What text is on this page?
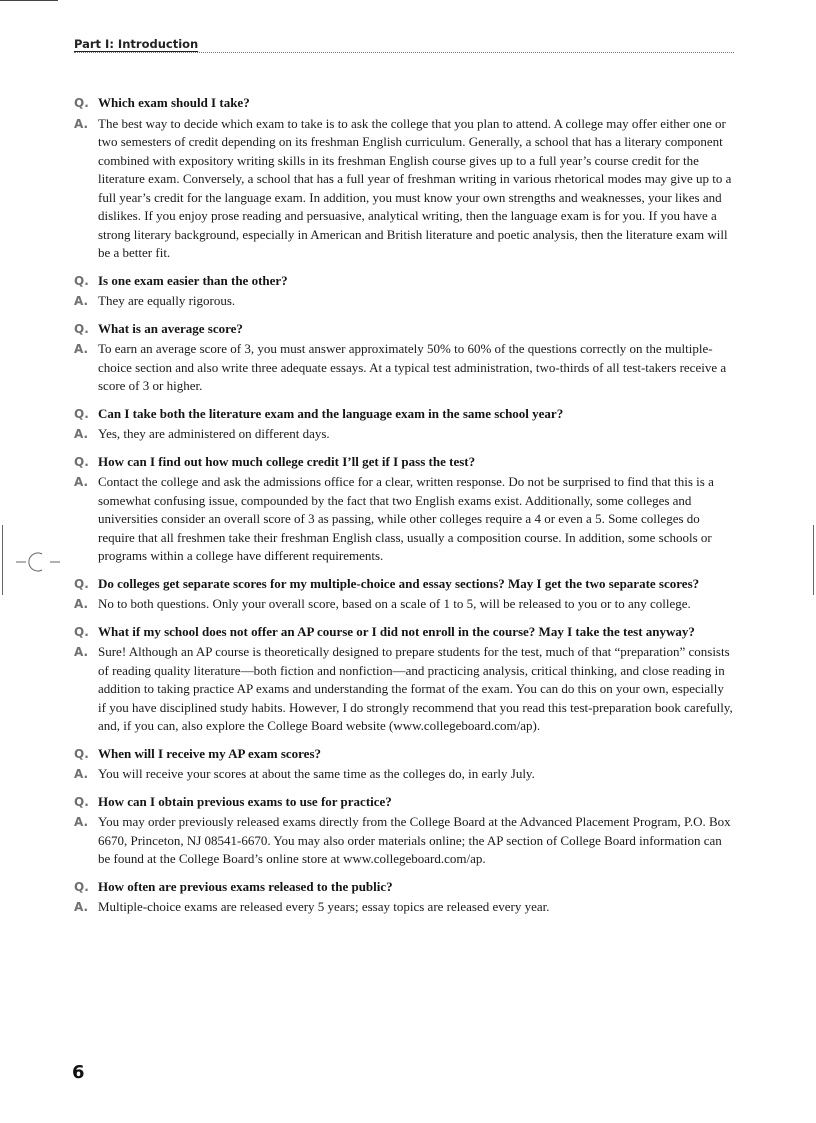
Part I: Introduction
Q. Which exam should I take?
A. The best way to decide which exam to take is to ask the college that you plan to attend. A college may offer either one or two semesters of credit depending on its freshman English curriculum. Generally, a school that has a literary component combined with expository writing skills in its freshman English course gives up to a full year’s course credit for the literature exam. Conversely, a school that has a full year of freshman writing in various rhetorical modes may give up to a full year’s credit for the language exam. In addition, you must know your own strengths and weaknesses, your likes and dislikes. If you enjoy prose reading and persuasive, analytical writing, then the language exam is for you. If you have a strong literary background, especially in American and British literature and poetic analysis, then the literature exam will be a better fit.
Q. Is one exam easier than the other?
A. They are equally rigorous.
Q. What is an average score?
A. To earn an average score of 3, you must answer approximately 50% to 60% of the questions correctly on the multiple-choice section and also write three adequate essays. At a typical test administration, two-thirds of all test-takers receive a score of 3 or higher.
Q. Can I take both the literature exam and the language exam in the same school year?
A. Yes, they are administered on different days.
Q. How can I find out how much college credit I’ll get if I pass the test?
A. Contact the college and ask the admissions office for a clear, written response. Do not be surprised to find that this is a somewhat confusing issue, compounded by the fact that two English exams exist. Additionally, some colleges and universities consider an overall score of 3 as passing, while other colleges require a 4 or even a 5. Some colleges do require that all freshmen take their freshman English class, usually a composition course. In addition, some schools or programs within a college have different requirements.
Q. Do colleges get separate scores for my multiple-choice and essay sections? May I get the two separate scores?
A. No to both questions. Only your overall score, based on a scale of 1 to 5, will be released to you or to any college.
Q. What if my school does not offer an AP course or I did not enroll in the course? May I take the test anyway?
A. Sure! Although an AP course is theoretically designed to prepare students for the test, much of that “preparation” consists of reading quality literature—both fiction and nonfiction—and practicing analysis, critical thinking, and close reading in addition to taking practice AP exams and understanding the format of the exam. You can do this on your own, especially if you have disciplined study habits. However, I do strongly recommend that you read this test-preparation book carefully, and, if you can, also explore the College Board website (www.collegeboard.com/ap).
Q. When will I receive my AP exam scores?
A. You will receive your scores at about the same time as the colleges do, in early July.
Q. How can I obtain previous exams to use for practice?
A. You may order previously released exams directly from the College Board at the Advanced Placement Program, P.O. Box 6670, Princeton, NJ 08541-6670. You may also order materials online; the AP section of College Board information can be found at the College Board’s online store at www.collegeboard.com/ap.
Q. How often are previous exams released to the public?
A. Multiple-choice exams are released every 5 years; essay topics are released every year.
6
